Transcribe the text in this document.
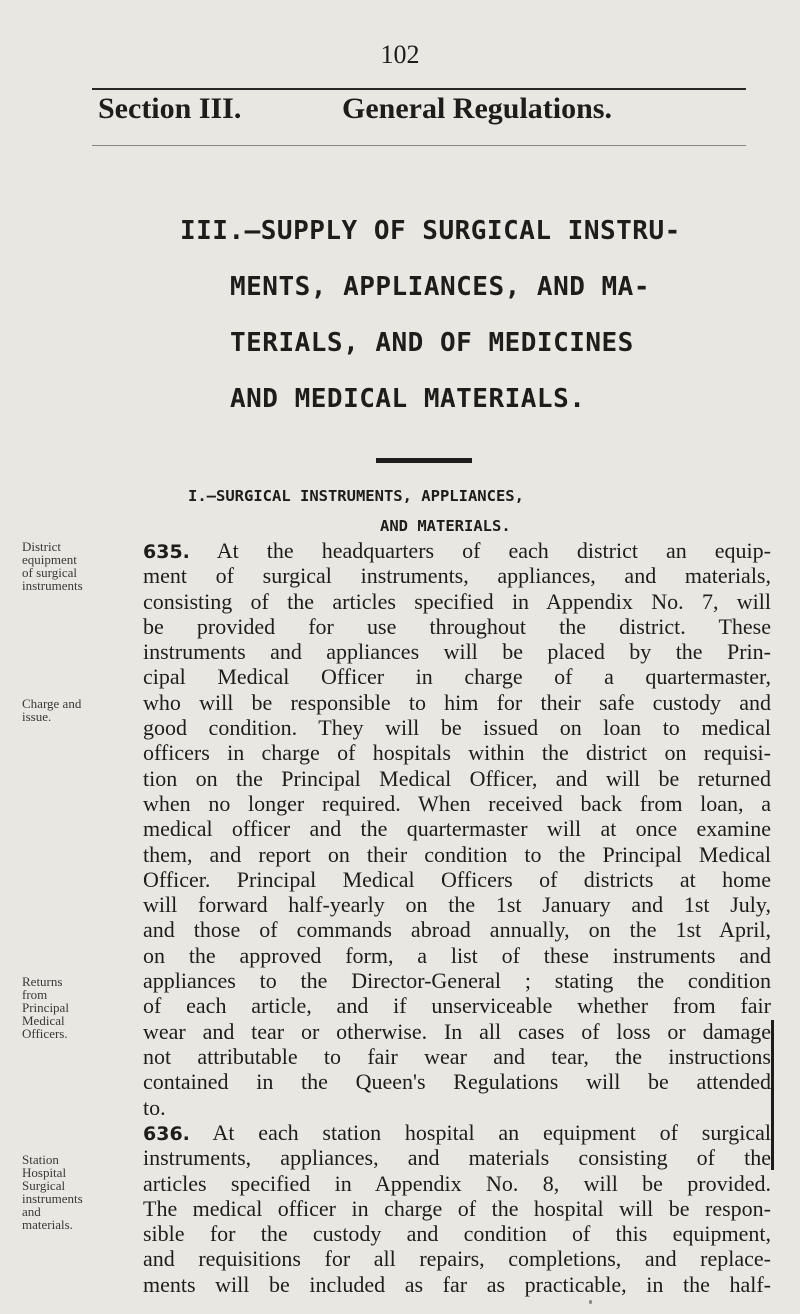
102
Section III.	General Regulations.
III.—SUPPLY OF SURGICAL INSTRU-
MENTS, APPLIANCES, AND MA-
TERIALS, AND OF MEDICINES
AND MEDICAL MATERIALS.
I.—SURGICAL INSTRUMENTS, APPLIANCES,
AND MATERIALS.
District
equipment
of surgical
instruments
Charge and
issue.
Returns
from
Principal
Medical
Officers.
Station
Hospital
Surgical
instruments
and
materials.
635. At the headquarters of each district an equip-
ment of surgical instruments, appliances, and materials,
consisting of the articles specified in Appendix No. 7, will
be provided for use throughout the district. These
instruments and appliances will be placed by the Prin-
cipal Medical Officer in charge of a quartermaster,
who will be responsible to him for their safe custody and
good condition. They will be issued on loan to medical
officers in charge of hospitals within the district on requisi-
tion on the Principal Medical Officer, and will be returned
when no longer required. When received back from loan, a
medical officer and the quartermaster will at once examine
them, and report on their condition to the Principal Medical
Officer. Principal Medical Officers of districts at home
will forward half-yearly on the 1st January and 1st July,
and those of commands abroad annually, on the 1st April,
on the approved form, a list of these instruments and
appliances to the Director-General ; stating the condition
of each article, and if unserviceable whether from fair
wear and tear or otherwise. In all cases of loss or damage
not attributable to fair wear and tear, the instructions
contained in the Queen's Regulations will be attended
to.
636. At each station hospital an equipment of surgical
instruments, appliances, and materials consisting of the
articles specified in Appendix No. 8, will be provided.
The medical officer in charge of the hospital will be respon-
sible for the custody and condition of this equipment,
and requisitions for all repairs, completions, and replace-
ments will be included as far as practicable, in the half-
